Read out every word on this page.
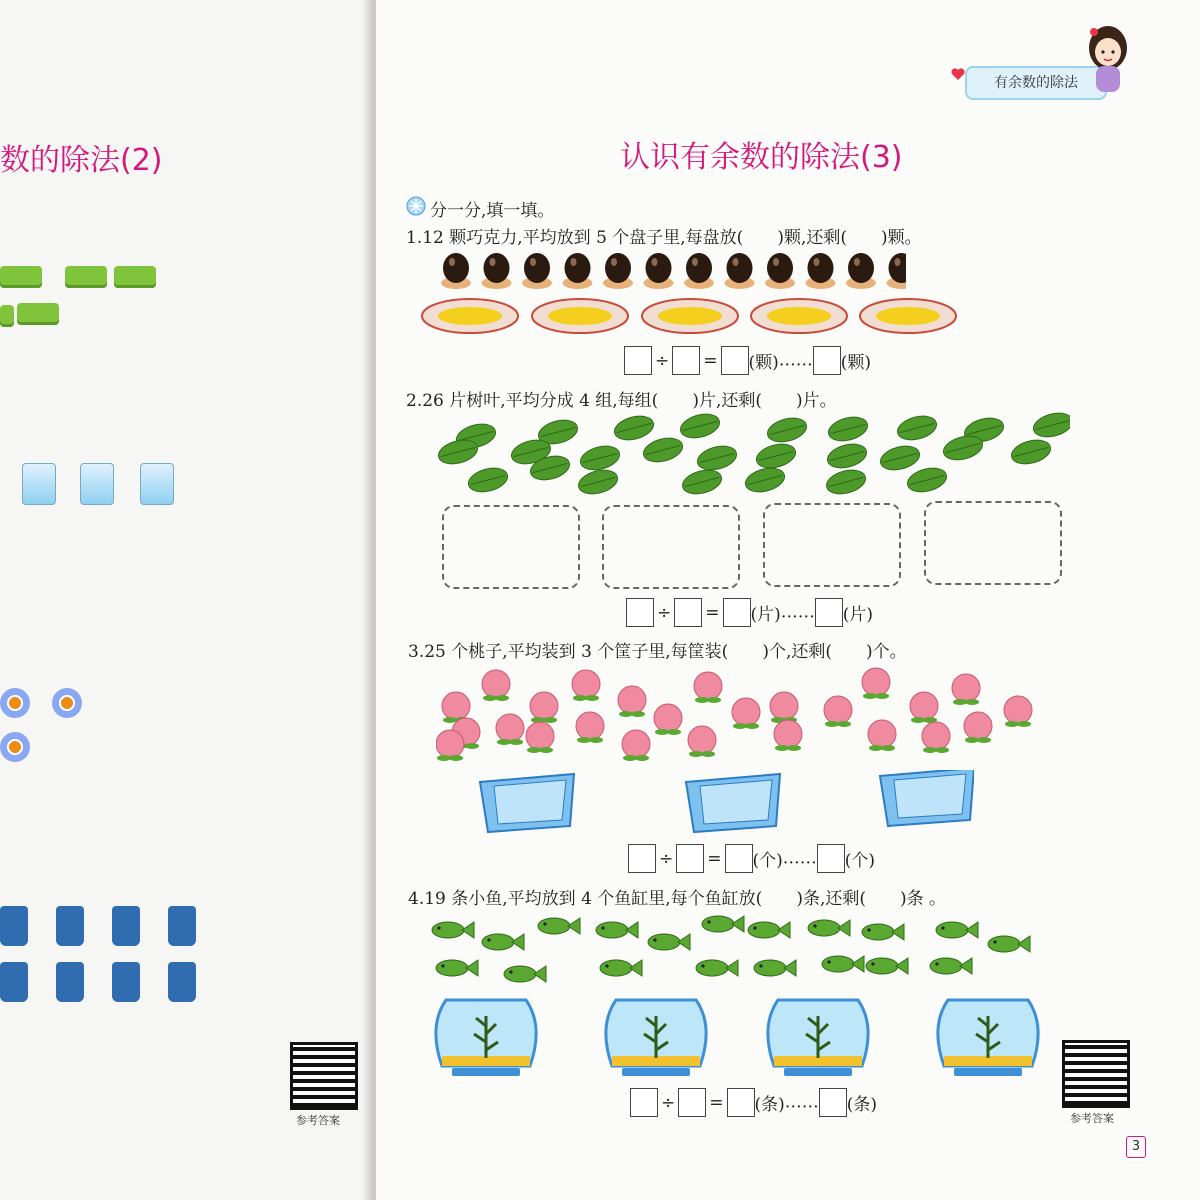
数的除法(2)
参考答案
有余数的除法
认识有余数的除法(3)
分一分,填一填。
1.12 颗巧克力,平均放到 5 个盘子里,每盘放(　　)颗,还剩(　　)颗。
÷ = (颗)…… (颗)
2.26 片树叶,平均分成 4 组,每组(　　)片,还剩(　　)片。
÷ = (片)…… (片)
3.25 个桃子,平均装到 3 个筐子里,每筐装(　　)个,还剩(　　)个。
÷ = (个)…… (个)
4.19 条小鱼,平均放到 4 个鱼缸里,每个鱼缸放(　　)条,还剩(　　)条 。
÷ = (条)…… (条)
参考答案
3
